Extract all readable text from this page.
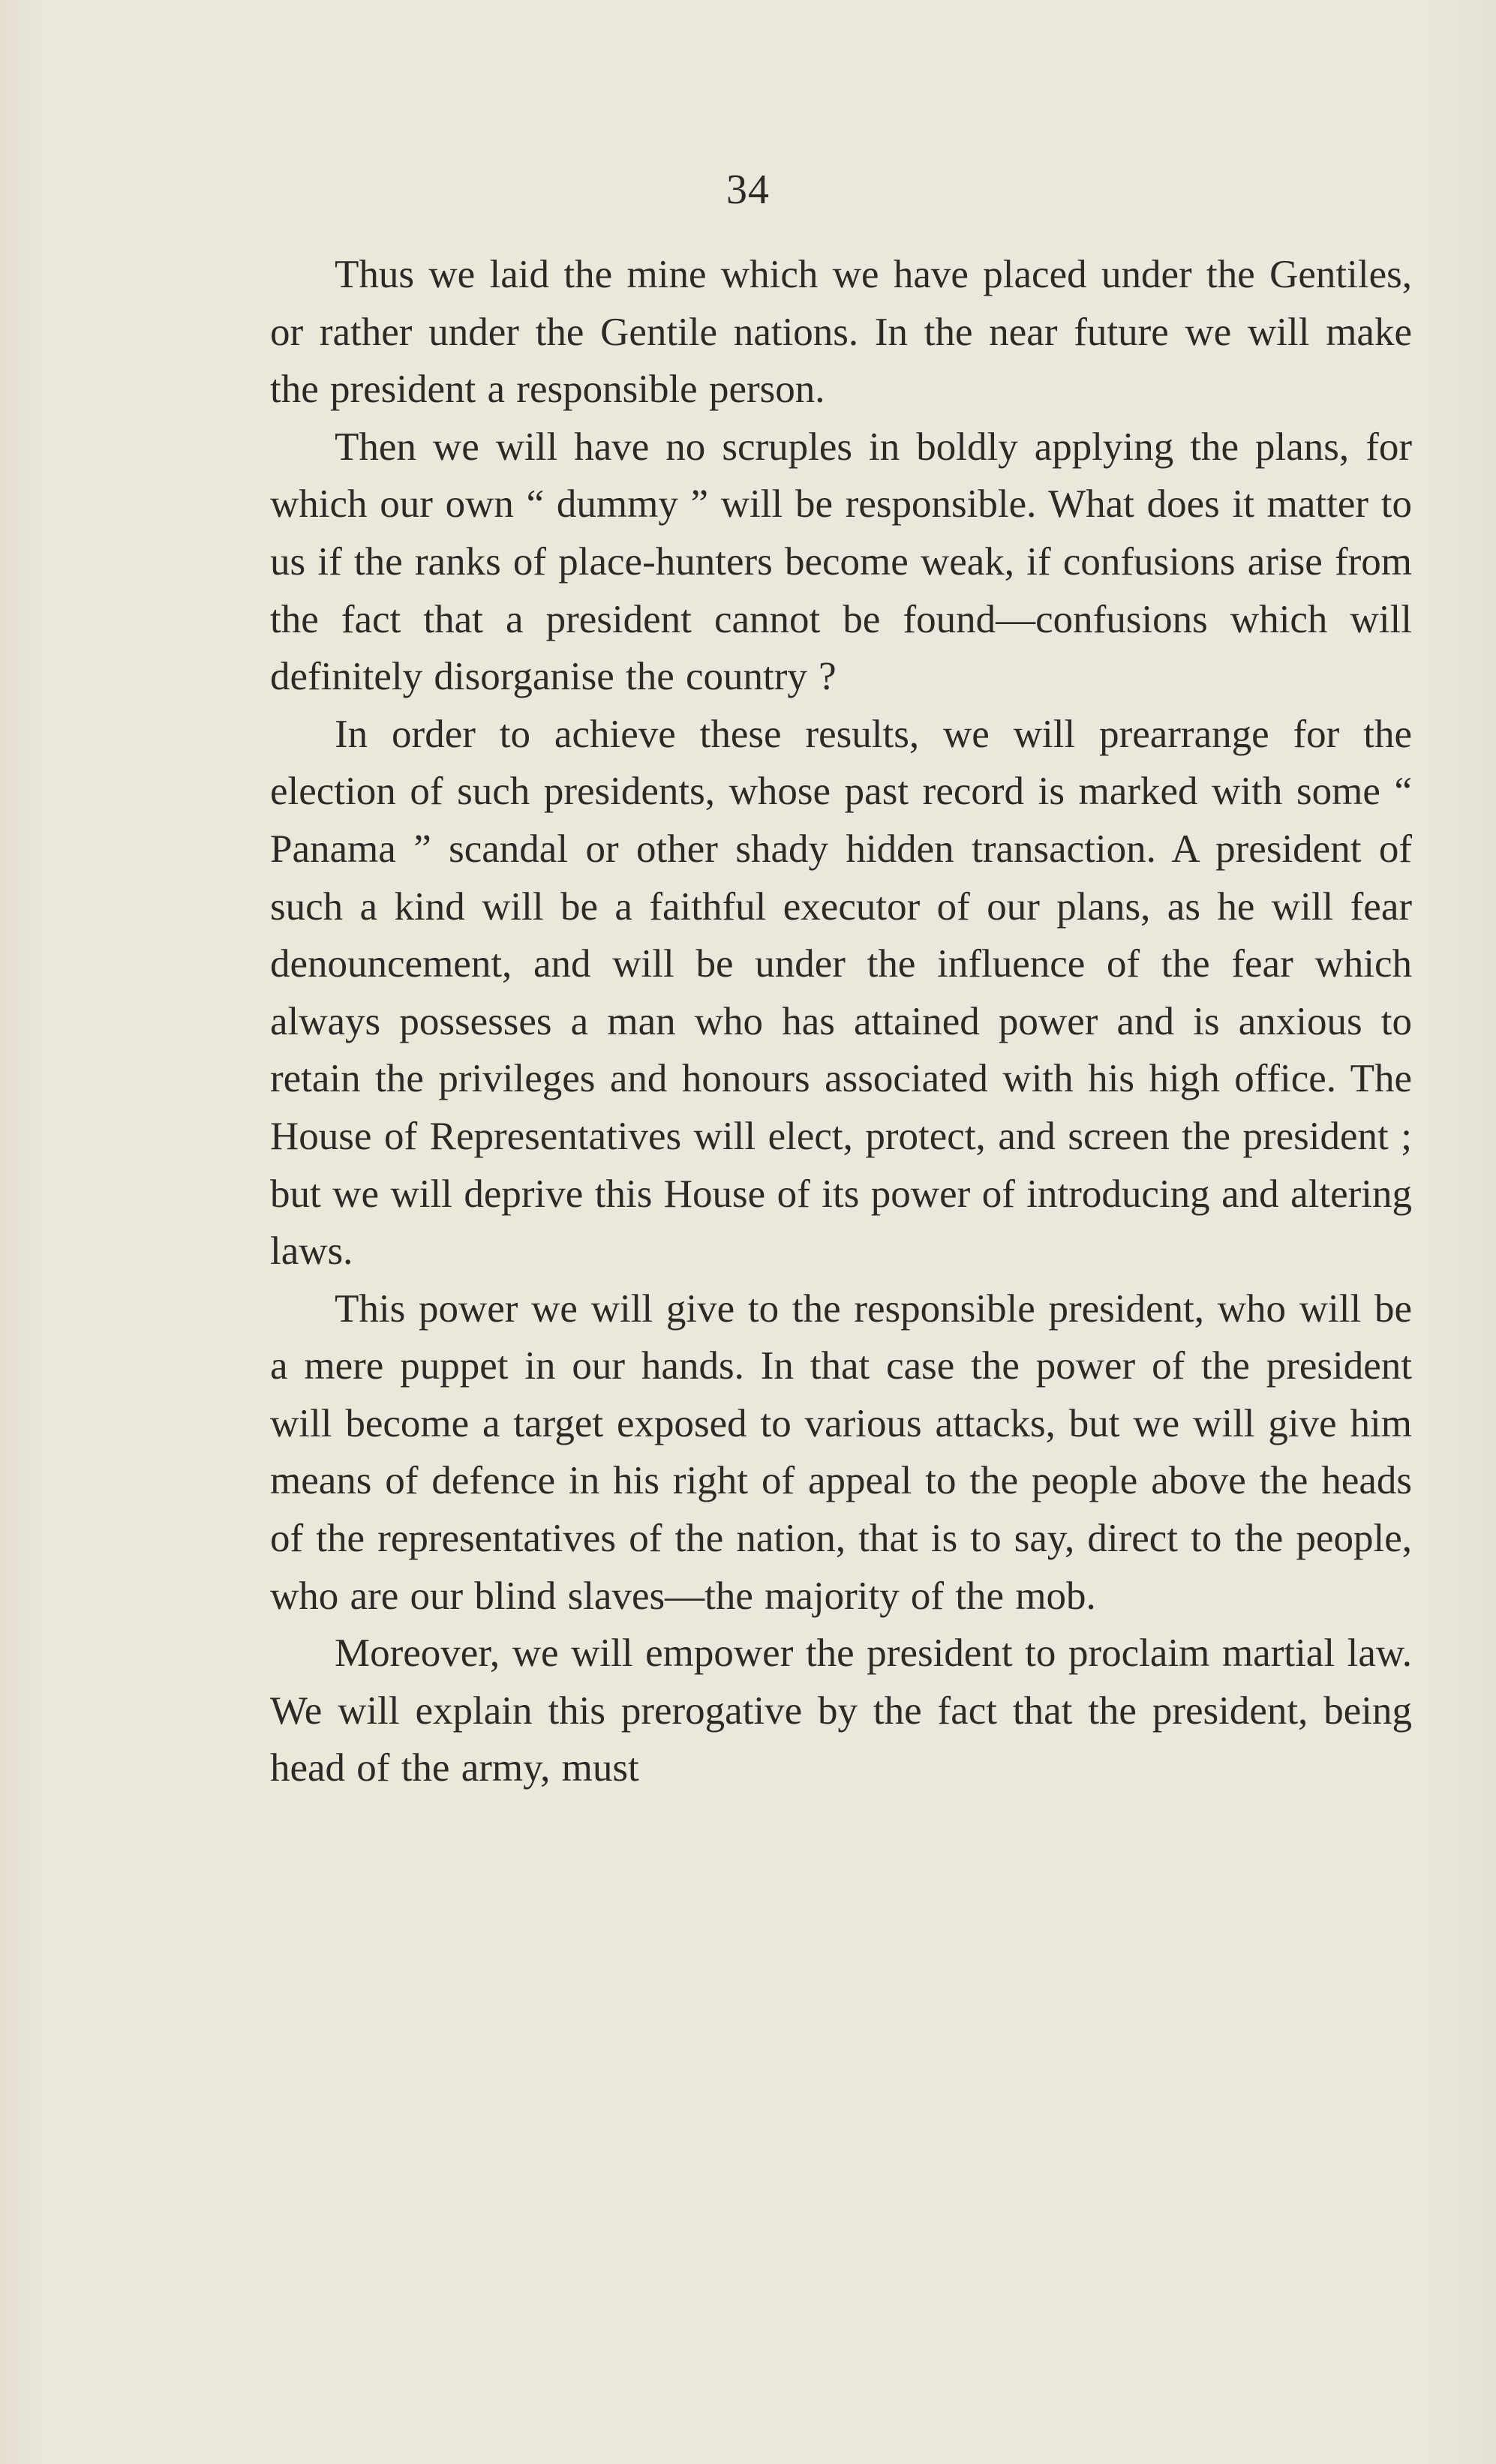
34

Thus we laid the mine which we have placed under the Gentiles, or rather under the Gentile nations. In the near future we will make the president a responsible person.

Then we will have no scruples in boldly applying the plans, for which our own “ dummy ” will be responsible. What does it matter to us if the ranks of place-hunters become weak, if confusions arise from the fact that a president cannot be found—confusions which will definitely disorganise the country ?

In order to achieve these results, we will prearrange for the election of such presidents, whose past record is marked with some “ Panama ” scandal or other shady hidden transaction. A president of such a kind will be a faithful executor of our plans, as he will fear denouncement, and will be under the influence of the fear which always possesses a man who has attained power and is anxious to retain the privileges and honours associated with his high office. The House of Representatives will elect, protect, and screen the president ; but we will deprive this House of its power of introducing and altering laws.

This power we will give to the responsible president, who will be a mere puppet in our hands. In that case the power of the president will become a target exposed to various attacks, but we will give him means of defence in his right of appeal to the people above the heads of the representatives of the nation, that is to say, direct to the people, who are our blind slaves—the majority of the mob.

Moreover, we will empower the president to proclaim martial law. We will explain this prerogative by the fact that the president, being head of the army, must
